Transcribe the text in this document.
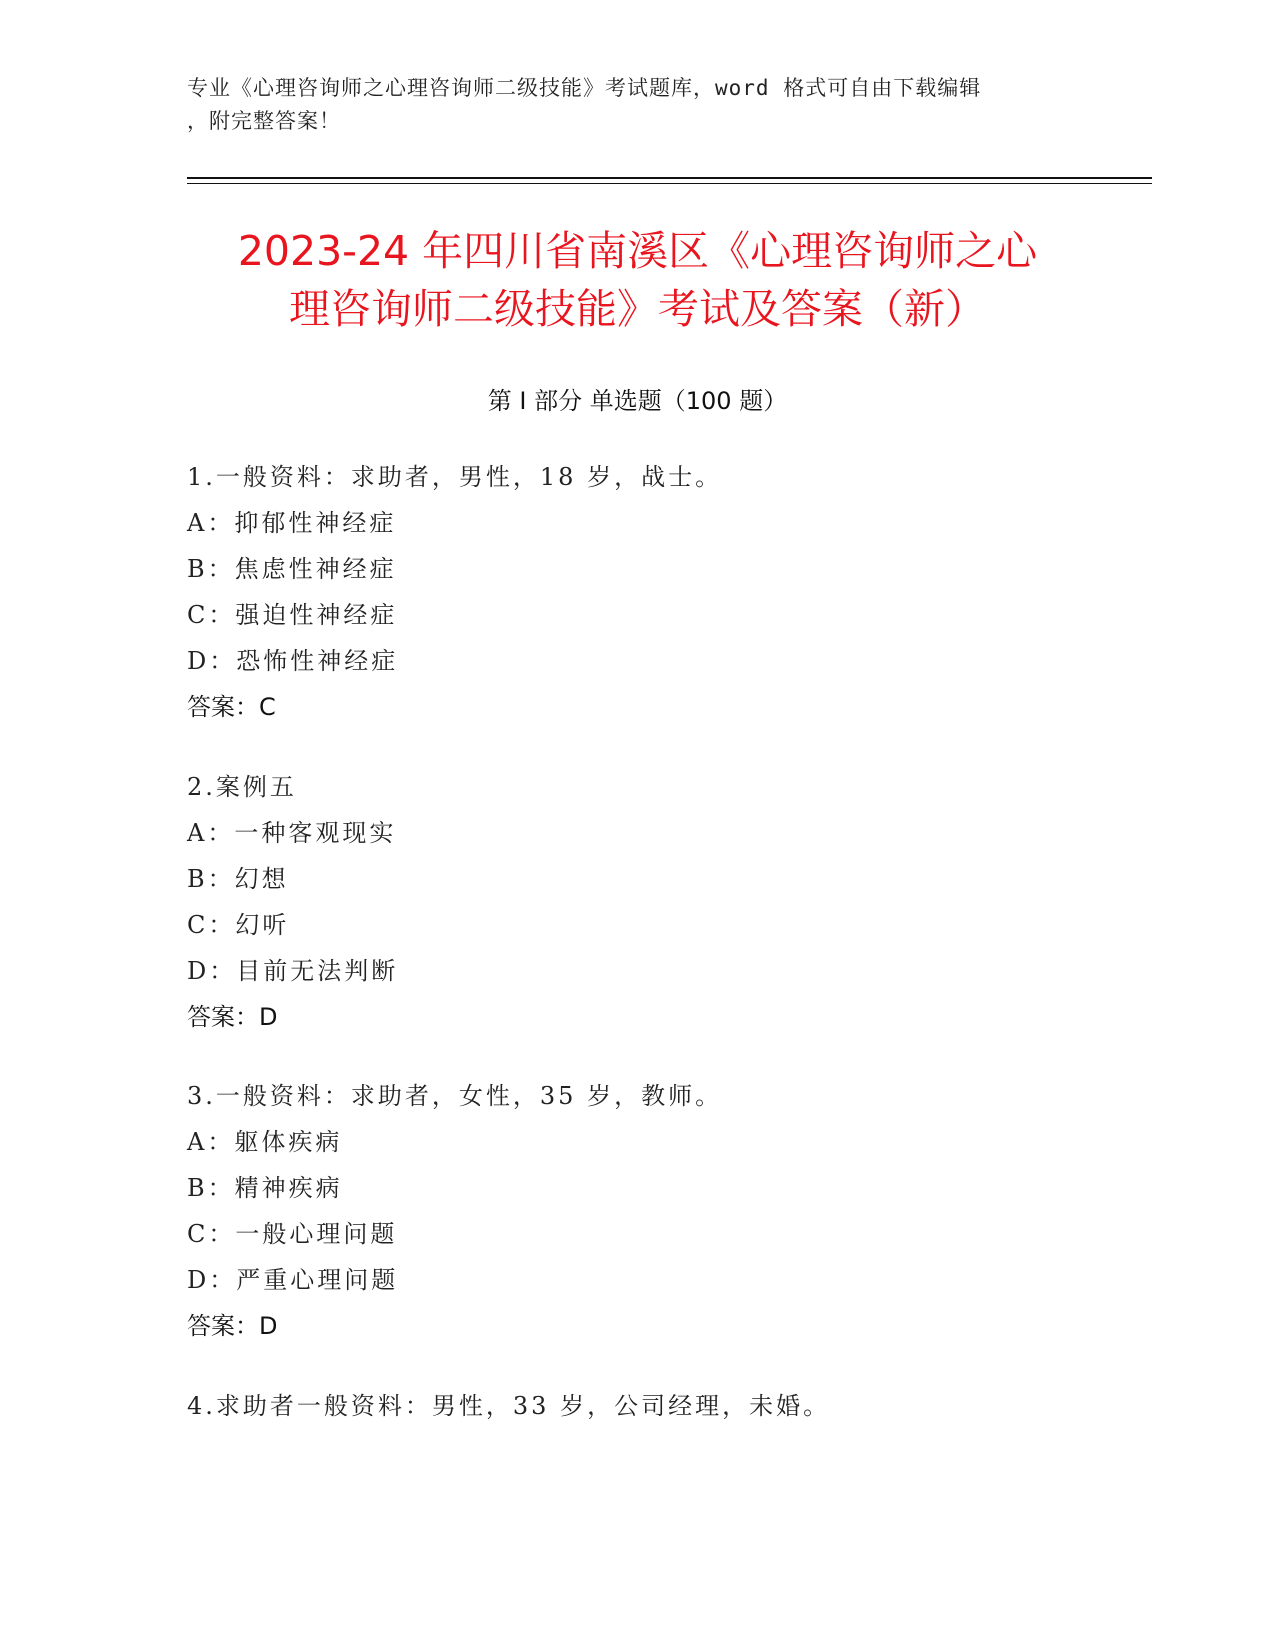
专业《心理咨询师之心理咨询师二级技能》考试题库，word 格式可自由下载编辑
，附完整答案！
2023-24 年四川省南溪区《心理咨询师之心
理咨询师二级技能》考试及答案（新）
第 I 部分 单选题（100 题）
1.一般资料：求助者，男性，18 岁，战士。
A：抑郁性神经症
B：焦虑性神经症
C：强迫性神经症
D：恐怖性神经症
答案：C
2.案例五
A：一种客观现实
B：幻想
C：幻听
D：目前无法判断
答案：D
3.一般资料：求助者，女性，35 岁，教师。
A：躯体疾病
B：精神疾病
C：一般心理问题
D：严重心理问题
答案：D
4.求助者一般资料：男性，33 岁，公司经理，未婚。
